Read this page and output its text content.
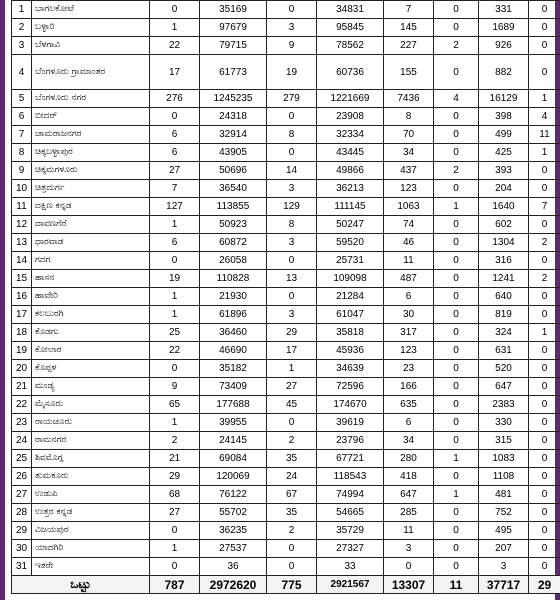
1	ಬಾಗಲಕೋಟೆ	0	35169	0	34831	7	0	331	0
2	ಬಳ್ಳಾರಿ	1	97679	3	95845	145	0	1689	0
3	ಬೆಳಗಾವಿ	22	79715	9	78562	227	2	926	0
4	ಬೆಂಗಳೂರು ಗ್ರಾಮಾಂತರ	17	61773	19	60736	155	0	882	0
5	ಬೆಂಗಳೂರು ನಗರ	276	1245235	279	1221669	7436	4	16129	1
6	ಬೀದರ್	0	24318	0	23908	8	0	398	4
7	ಚಾಮರಾಜನಗರ	6	32914	8	32334	70	0	499	11
8	ಚಿಕ್ಕಬಳ್ಳಾಪುರ	6	43905	0	43445	34	0	425	1
9	ಚಿಕ್ಕಮಗಳೂರು	27	50696	14	49866	437	2	393	0
10	ಚಿತ್ರದುರ್ಗ	7	36540	3	36213	123	0	204	0
11	ದಕ್ಷಿಣ ಕನ್ನಡ	127	113855	129	111145	1063	1	1640	7
12	ದಾವಣಗೆರೆ	1	50923	8	50247	74	0	602	0
13	ಧಾರವಾಡ	6	60872	3	59520	46	0	1304	2
14	ಗದಗ	0	26058	0	25731	11	0	316	0
15	ಹಾಸನ	19	110828	13	109098	487	0	1241	2
16	ಹಾವೇರಿ	1	21930	0	21284	6	0	640	0
17	ಕಲಬುರಗಿ	1	61896	3	61047	30	0	819	0
18	ಕೊಡಗು	25	36460	29	35818	317	0	324	1
19	ಕೋಲಾರ	22	46690	17	45936	123	0	631	0
20	ಕೊಪ್ಪಳ	0	35182	1	34639	23	0	520	0
21	ಮಂಡ್ಯ	9	73409	27	72596	166	0	647	0
22	ಮೈಸೂರು	65	177688	45	174670	635	0	2383	0
23	ರಾಯಚೂರು	1	39955	0	39619	6	0	330	0
24	ರಾಮನಗರ	2	24145	2	23796	34	0	315	0
25	ಶಿವಮೊಗ್ಗ	21	69084	35	67721	280	1	1083	0
26	ತುಮಕೂರು	29	120069	24	118543	418	0	1108	0
27	ಉಡುಪಿ	68	76122	67	74994	647	1	481	0
28	ಉತ್ತರ ಕನ್ನಡ	27	55702	35	54665	285	0	752	0
29	ವಿಜಯಪುರ	0	36235	2	35729	11	0	495	0
30	ಯಾದಗಿರಿ	1	27537	0	27327	3	0	207	0
31	ಇತರೇ	0	36	0	33	0	0	3	0
ಒಟ್ಟು		787	2972620	775	2921567	13307	11	37717	29
